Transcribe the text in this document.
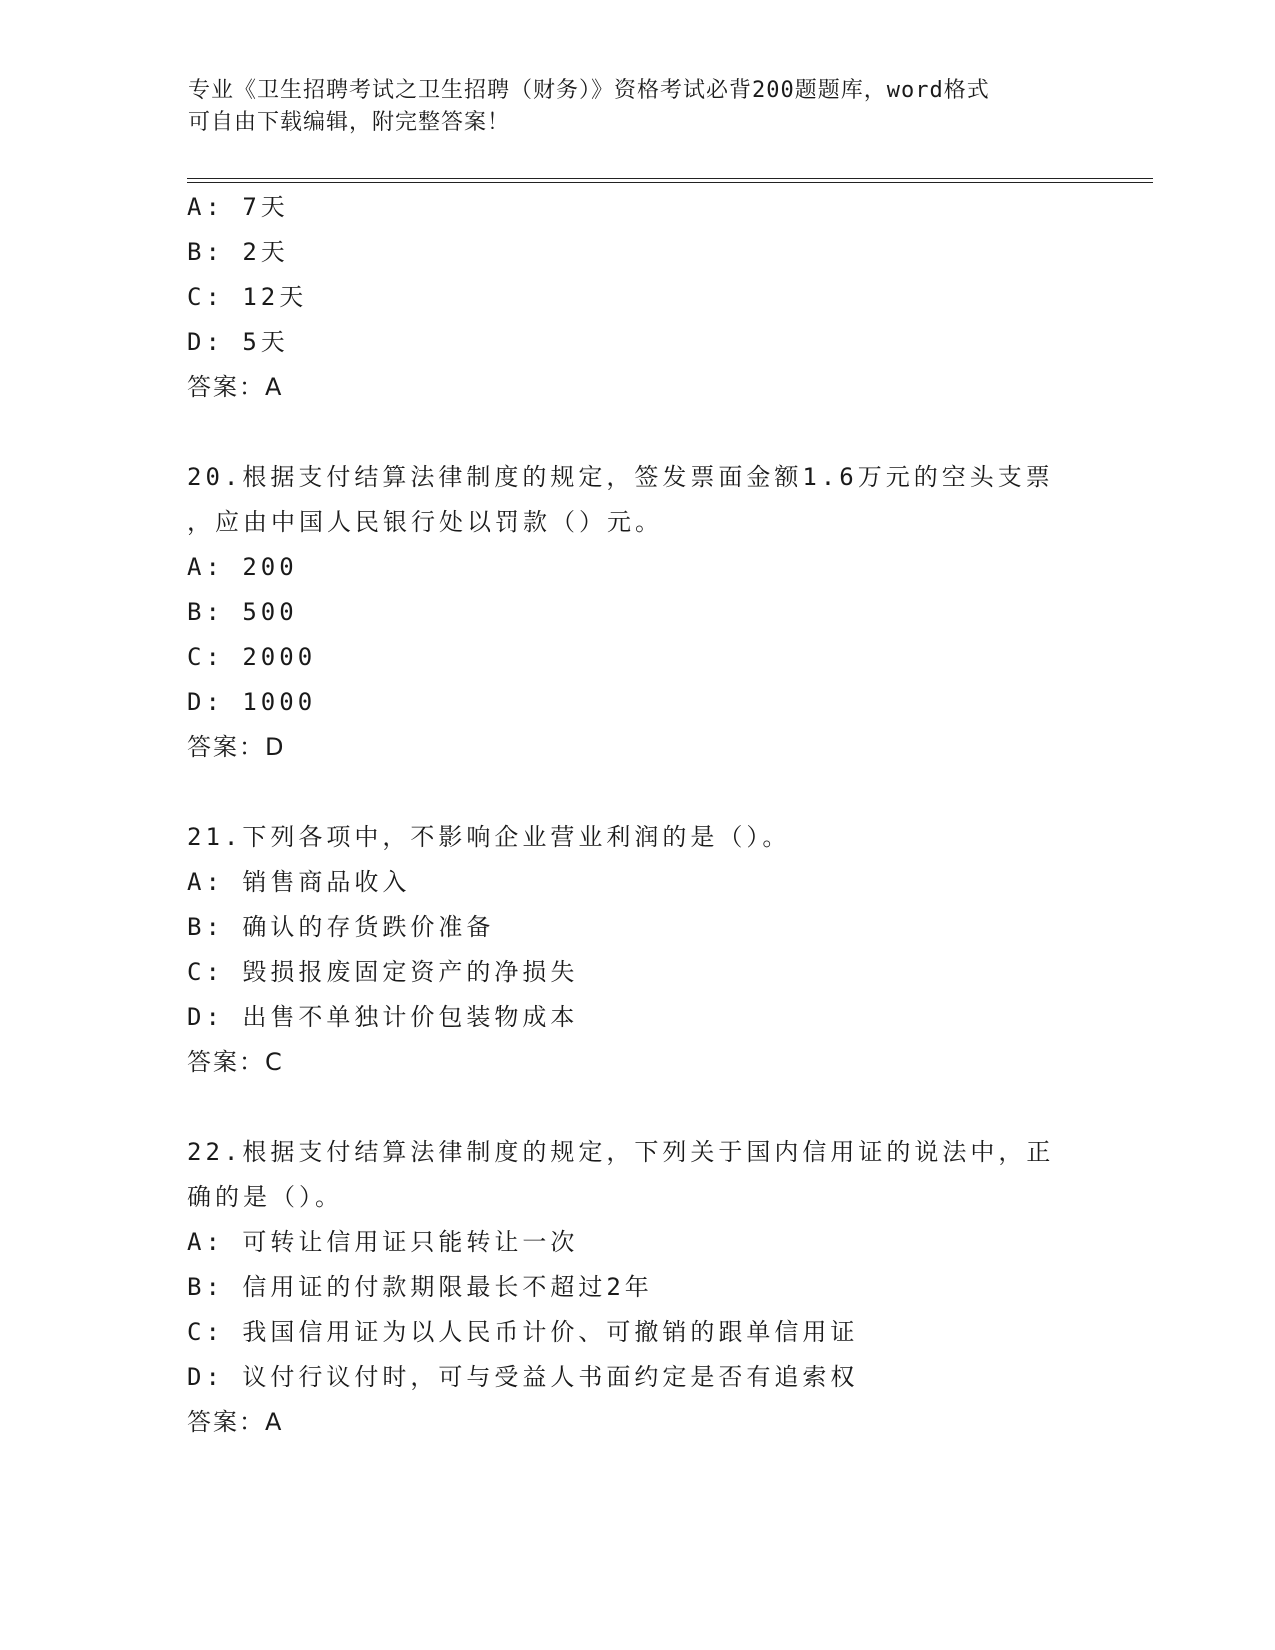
专业《卫生招聘考试之卫生招聘（财务）》资格考试必背200题题库，word格式
可自由下载编辑，附完整答案！
A: 7天
B: 2天
C: 12天
D: 5天
答案：A
20.根据支付结算法律制度的规定，签发票面金额1.6万元的空头支票
，应由中国人民银行处以罚款（）元。
A: 200
B: 500
C: 2000
D: 1000
答案：D
21.下列各项中，不影响企业营业利润的是（）。
A: 销售商品收入
B: 确认的存货跌价准备
C: 毁损报废固定资产的净损失
D: 出售不单独计价包装物成本
答案：C
22.根据支付结算法律制度的规定，下列关于国内信用证的说法中，正
确的是（）。
A: 可转让信用证只能转让一次
B: 信用证的付款期限最长不超过2年
C: 我国信用证为以人民币计价、可撤销的跟单信用证
D: 议付行议付时，可与受益人书面约定是否有追索权
答案：A
